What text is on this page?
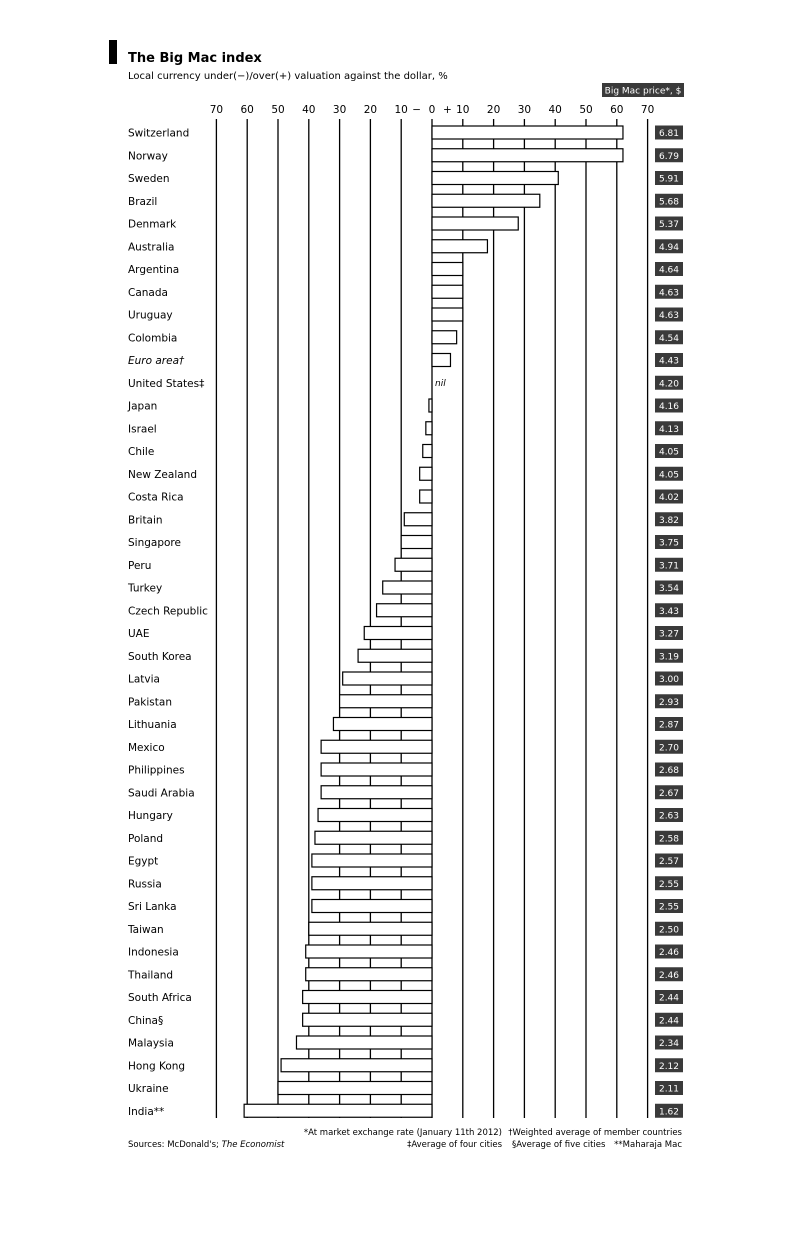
The Big Mac index
Local currency under(−)/over(+) valuation against the dollar, %
Big Mac price*, $
70 60 50 40 30 20 10 − 0 + 10 20 30 40 50 60 70
Switzerland
Norway
Sweden
Brazil
Denmark
Australia
Argentina
Canada
Uruguay
Colombia
Euro area†
United States‡
Japan
Israel
Chile
New Zealand
Costa Rica
Britain
Singapore
Peru
Turkey
Czech Republic
UAE
South Korea
Latvia
Pakistan
Lithuania
Mexico
Philippines
Saudi Arabia
Hungary
Poland
Egypt
Russia
Sri Lanka
Taiwan
Indonesia
Thailand
South Africa
China§
Malaysia
Hong Kong
Ukraine
India**
6.81
6.79
5.91
5.68
5.37
4.94
4.64
4.63
4.63
4.54
4.43
4.20
4.16
4.13
4.05
4.05
4.02
3.82
3.75
3.71
3.54
3.43
3.27
3.19
3.00
2.93
2.87
2.70
2.68
2.67
2.63
2.58
2.57
2.55
2.55
2.50
2.46
2.46
2.44
2.44
2.34
2.12
2.11
1.62
nil
Sources: McDonald's; The Economist
*At market exchange rate (January 11th 2012)
‡Average of four cities
†Weighted average of member countries
§Average of five cities **Maharaja Mac
